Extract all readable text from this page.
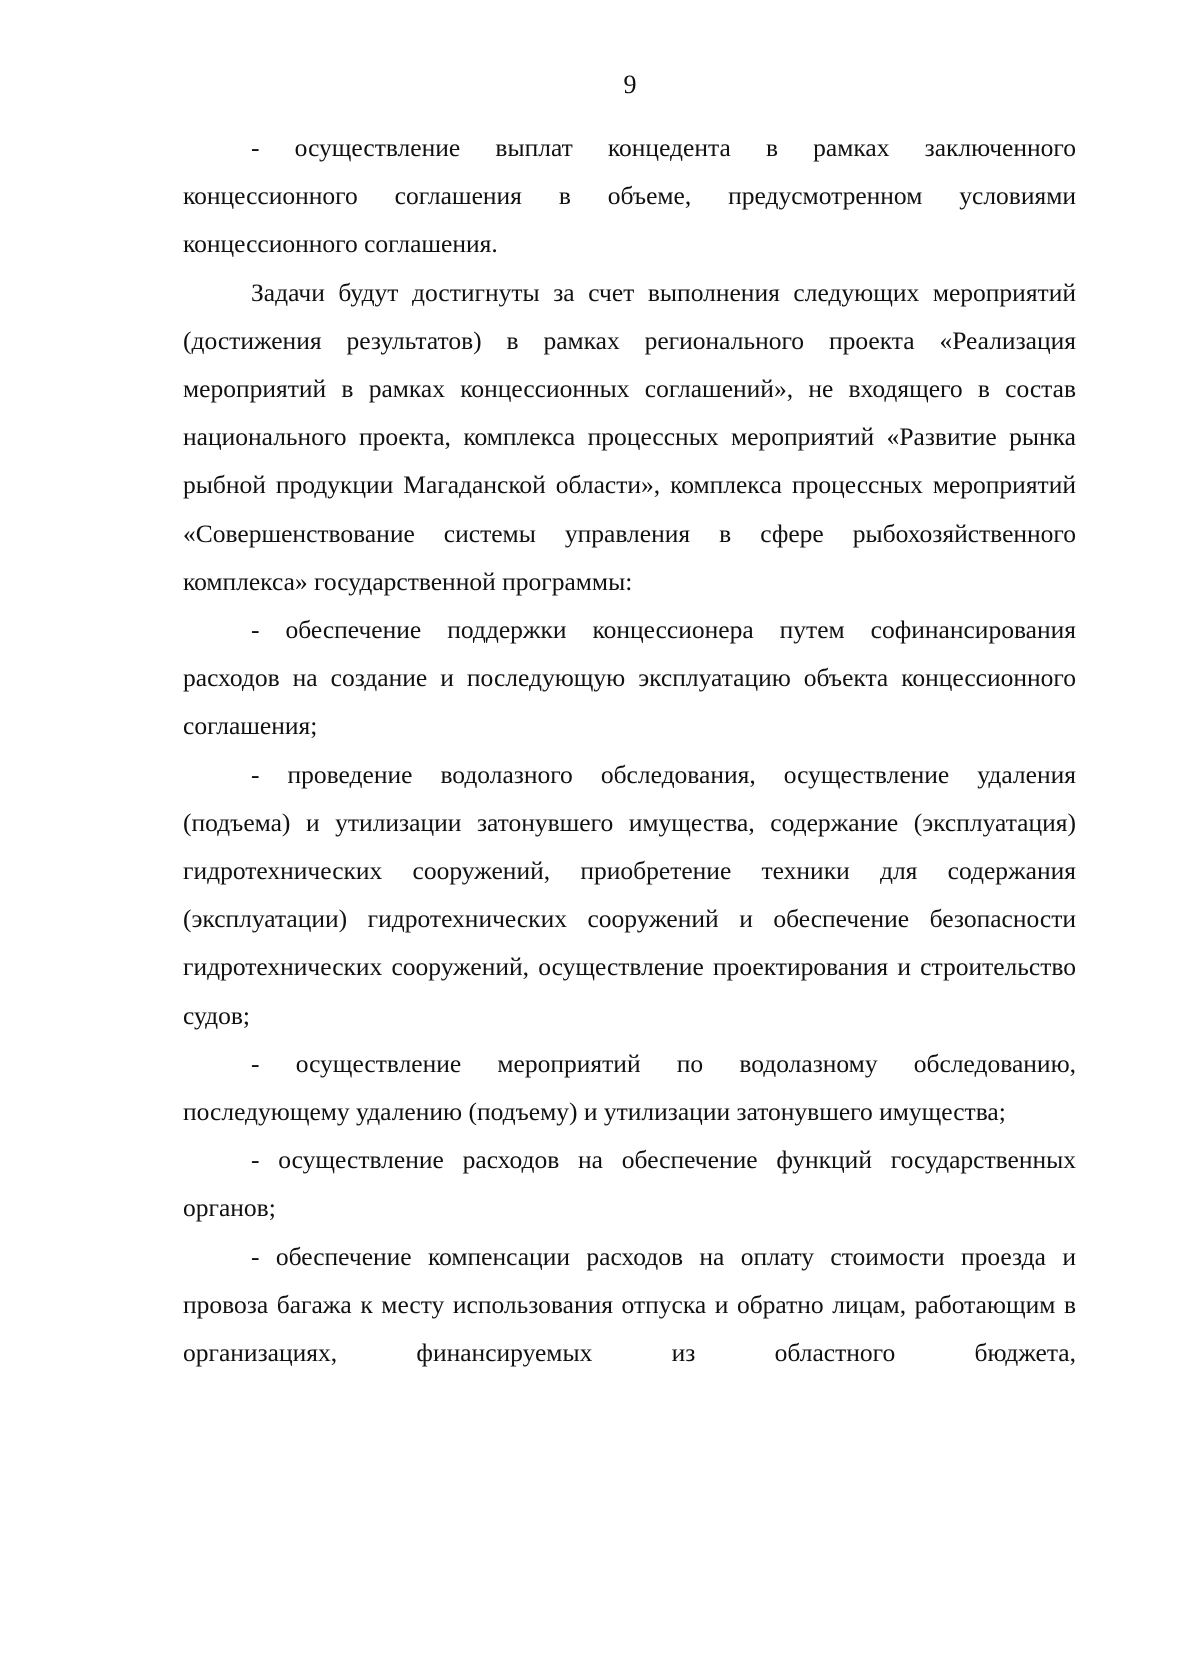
9

- осуществление выплат концедента в рамках заключенного концессионного соглашения в объеме, предусмотренном условиями концессионного соглашения.

Задачи будут достигнуты за счет выполнения следующих мероприятий (достижения результатов) в рамках регионального проекта «Реализация мероприятий в рамках концессионных соглашений», не входящего в состав национального проекта, комплекса процессных мероприятий «Развитие рынка рыбной продукции Магаданской области», комплекса процессных мероприятий «Совершенствование системы управления в сфере рыбохозяйственного комплекса» государственной программы:

- обеспечение поддержки концессионера путем софинансирования расходов на создание и последующую эксплуатацию объекта концессионного соглашения;

- проведение водолазного обследования, осуществление удаления (подъема) и утилизации затонувшего имущества, содержание (эксплуатация) гидротехнических сооружений, приобретение техники для содержания (эксплуатации) гидротехнических сооружений и обеспечение безопасности гидротехнических сооружений, осуществление проектирования и строительство судов;

- осуществление мероприятий по водолазному обследованию, последующему удалению (подъему) и утилизации затонувшего имущества;

- осуществление расходов на обеспечение функций государственных органов;

- обеспечение компенсации расходов на оплату стоимости проезда и провоза багажа к месту использования отпуска и обратно лицам, работающим в организациях, финансируемых из областного бюджета,
